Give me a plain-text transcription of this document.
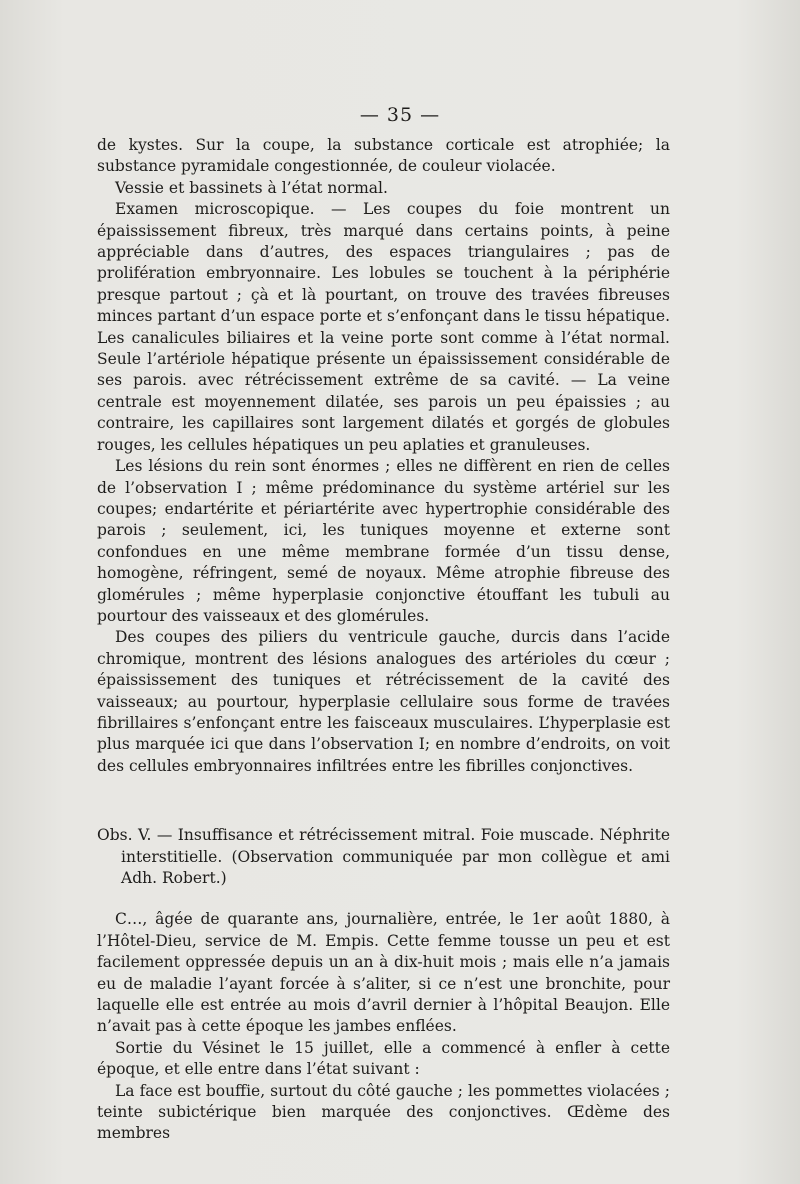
— 35 —

de kystes. Sur la coupe, la substance corticale est atrophiée; la substance pyramidale congestionnée, de couleur violacée.

Vessie et bassinets à l’état normal.

Examen microscopique. — Les coupes du foie montrent un épaississement fibreux, très marqué dans certains points, à peine appréciable dans d’autres, des espaces triangulaires ; pas de prolifération embryonnaire. Les lobules se touchent à la périphérie presque partout ; çà et là pourtant, on trouve des travées fibreuses minces partant d’un espace porte et s’enfonçant dans le tissu hépatique. Les canalicules biliaires et la veine porte sont comme à l’état normal. Seule l’artériole hépatique présente un épaississement considérable de ses parois. avec rétrécissement extrême de sa cavité. — La veine centrale est moyennement dilatée, ses parois un peu épaissies ; au contraire, les capillaires sont largement dilatés et gorgés de globules rouges, les cellules hépatiques un peu aplaties et granuleuses.

Les lésions du rein sont énormes ; elles ne diffèrent en rien de celles de l’observation I ; même prédominance du système artériel sur les coupes; endartérite et périartérite avec hypertrophie considérable des parois ; seulement, ici, les tuniques moyenne et externe sont confondues en une même membrane formée d’un tissu dense, homogène, réfringent, semé de noyaux. Même atrophie fibreuse des glomérules ; même hyperplasie conjonctive étouffant les tubuli au pourtour des vaisseaux et des glomérules.

Des coupes des piliers du ventricule gauche, durcis dans l’acide chromique, montrent des lésions analogues des artérioles du cœur ; épaississement des tuniques et rétrécissement de la cavité des vaisseaux; au pourtour, hyperplasie cellulaire sous forme de travées fibrillaires s’enfonçant entre les faisceaux musculaires. L’hyperplasie est plus marquée ici que dans l’observation I; en nombre d’endroits, on voit des cellules embryonnaires infiltrées entre les fibrilles conjonctives.

Obs. V. — Insuffisance et rétrécissement mitral. Foie muscade. Néphrite interstitielle. (Observation communiquée par mon collègue et ami Adh. Robert.)

C…, âgée de quarante ans, journalière, entrée, le 1er août 1880, à l’Hôtel-Dieu, service de M. Empis. Cette femme tousse un peu et est facilement oppressée depuis un an à dix-huit mois ; mais elle n’a jamais eu de maladie l’ayant forcée à s’aliter, si ce n’est une bronchite, pour laquelle elle est entrée au mois d’avril dernier à l’hôpital Beaujon. Elle n’avait pas à cette époque les jambes enflées.

Sortie du Vésinet le 15 juillet, elle a commencé à enfler à cette époque, et elle entre dans l’état suivant :

La face est bouffie, surtout du côté gauche ; les pommettes violacées ; teinte subictérique bien marquée des conjonctives. Œdème des membres
